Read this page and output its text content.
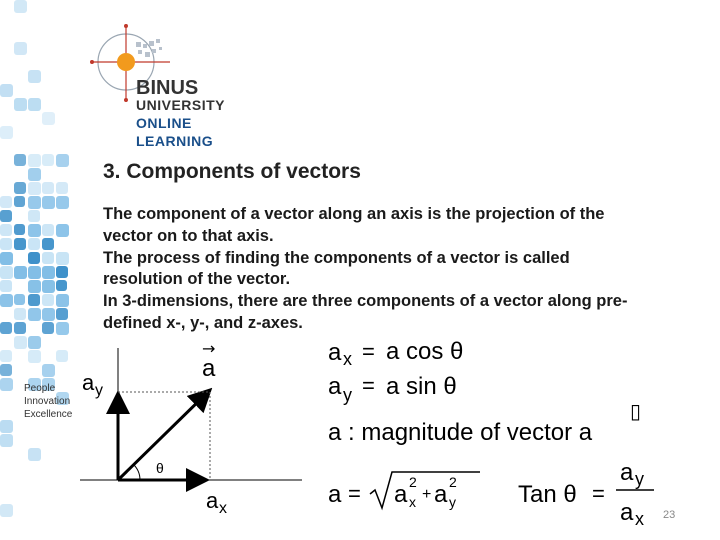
BINUS
UNIVERSITY
ONLINE
LEARNING
People
Innovation
Excellence
3. Components of vectors
The component of a vector along an axis is the projection of the
vector on to that axis.
The process of finding the components of a vector is called
resolution of the vector.
In 3-dimensions, there are three components of a vector along pre-
defined x-, y-, and z-axes.
→
a
a y
θ
a x
a x = a cos θ
a y = a sin θ
▯
a : magnitude of vector a
a = a x
2
+ a y
2	Tan θ =
a y
a x 23
